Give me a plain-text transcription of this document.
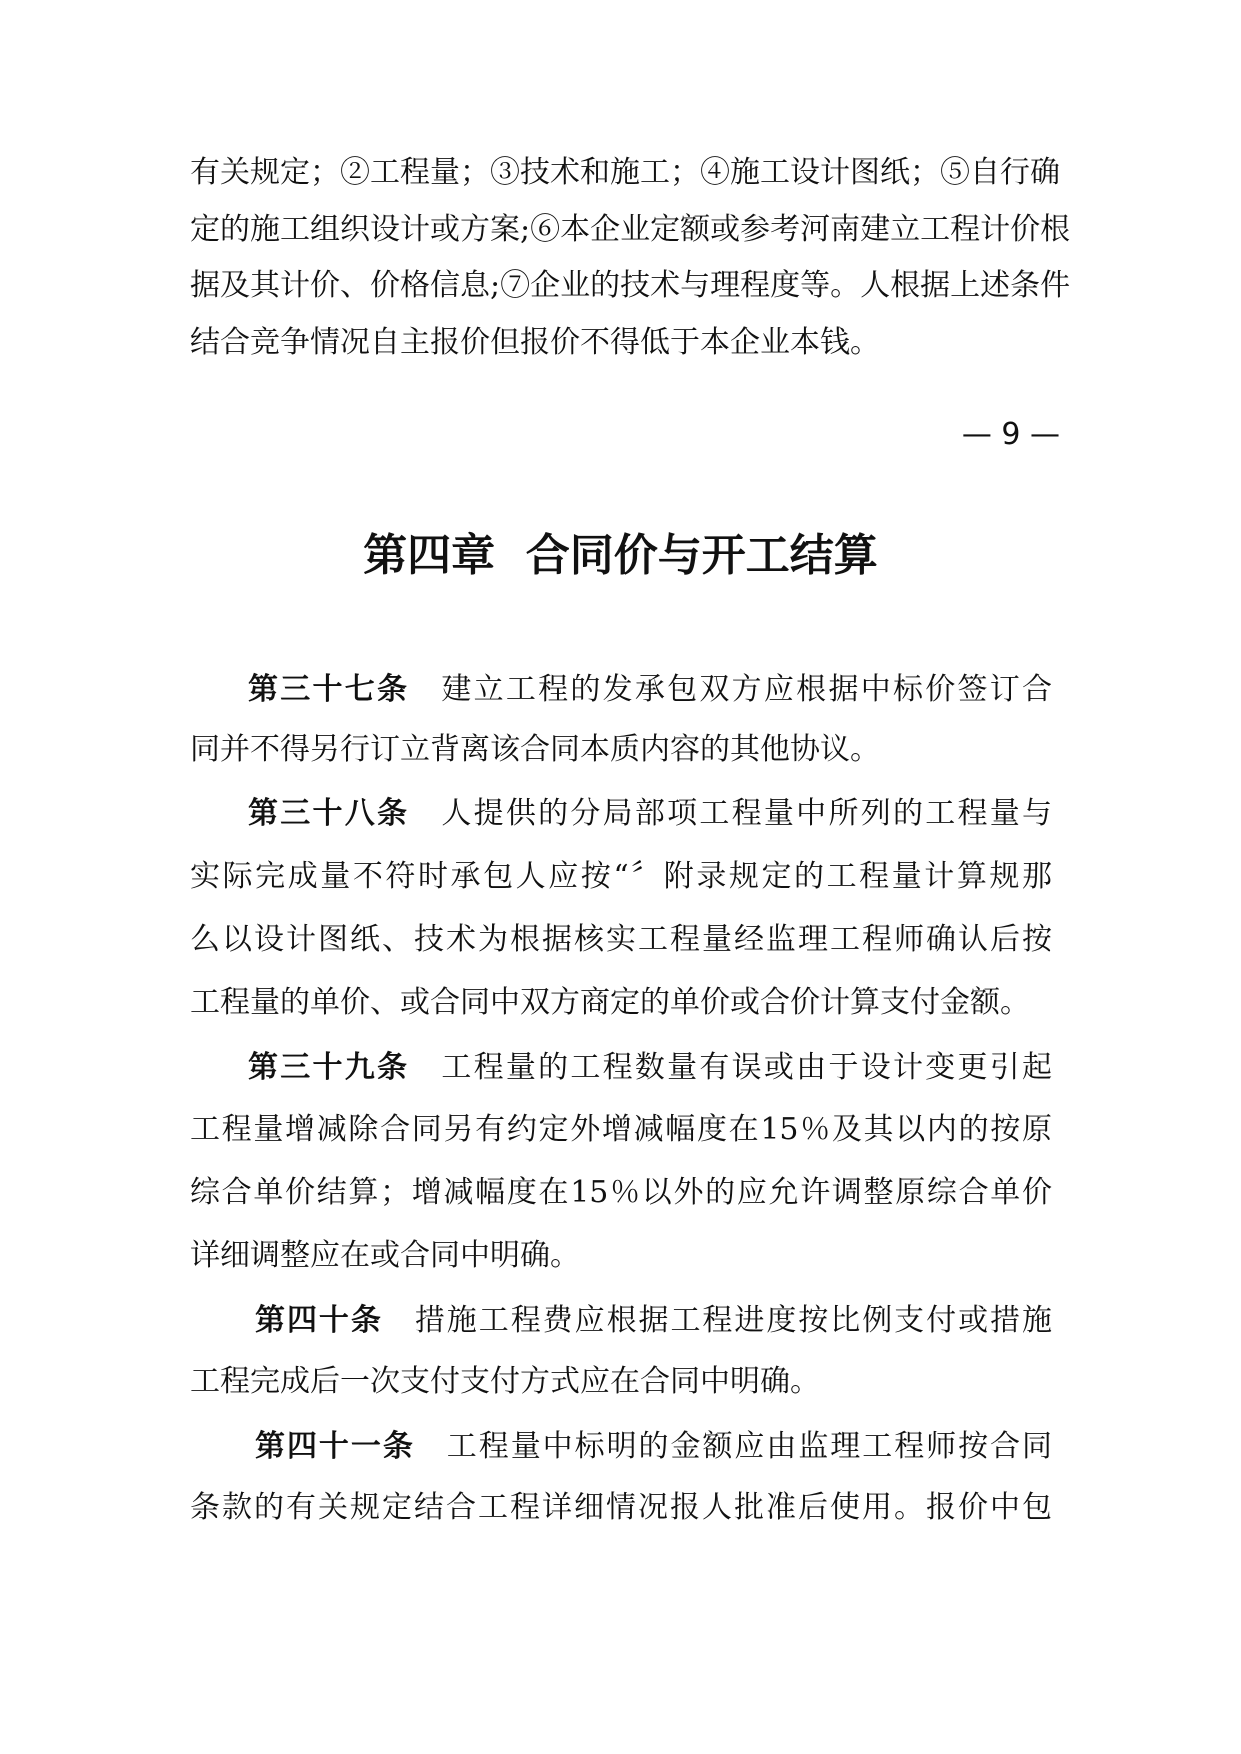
有关规定；②工程量；③技术和施工；④施工设计图纸；⑤自行确
定的施工组织设计或方案;⑥本企业定额或参考河南建立工程计价根
据及其计价、价格信息;⑦企业的技术与理程度等。人根据上述条件
结合竞争情况自主报价但报价不得低于本企业本钱。
— 9 —
第四章  合同价与开工结算
第三十七条 建立工程的发承包双方应根据中标价签订合
同并不得另行订立背离该合同本质内容的其他协议。
第三十八条 人提供的分局部项工程量中所列的工程量与
实际完成量不符时承包人应按“〞附录规定的工程量计算规那
么以设计图纸、技术为根据核实工程量经监理工程师确认后按
工程量的单价、或合同中双方商定的单价或合价计算支付金额。
第三十九条 工程量的工程数量有误或由于设计变更引起
工程量增减除合同另有约定外增减幅度在15％及其以内的按原
综合单价结算；增减幅度在15％以外的应允许调整原综合单价
详细调整应在或合同中明确。
第四十条 措施工程费应根据工程进度按比例支付或措施
工程完成后一次支付支付方式应在合同中明确。
第四十一条 工程量中标明的金额应由监理工程师按合同
条款的有关规定结合工程详细情况报人批准后使用。报价中包
